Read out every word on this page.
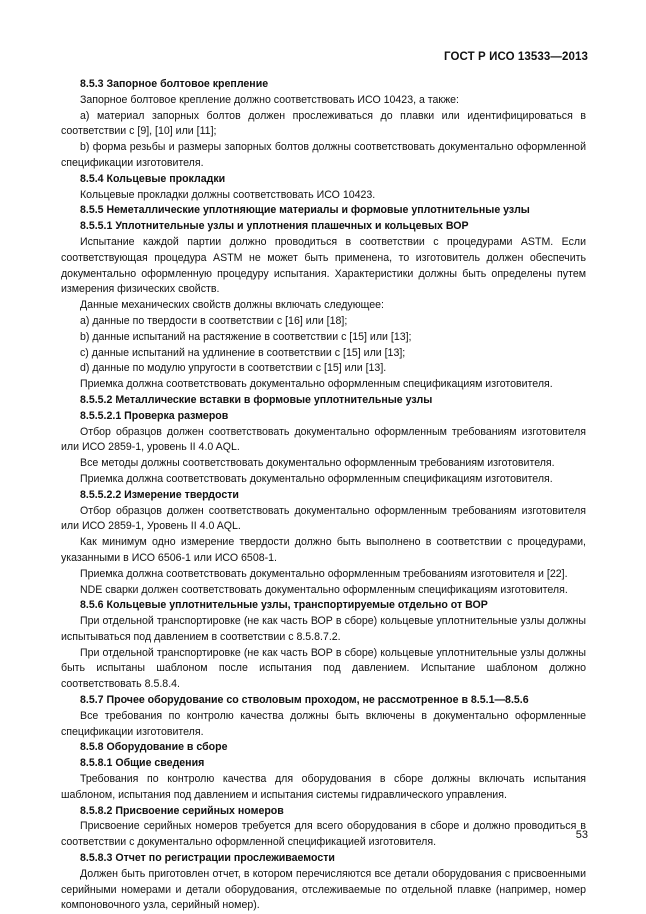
ГОСТ Р ИСО 13533—2013
8.5.3 Запорное болтовое крепление
Запорное болтовое крепление должно соответствовать ИСО 10423, а также:
а) материал запорных болтов должен прослеживаться до плавки или идентифицироваться в соответствии с [9], [10] или [11];
b) форма резьбы и размеры запорных болтов должны соответствовать документально оформленной спецификации изготовителя.
8.5.4 Кольцевые прокладки
Кольцевые прокладки должны соответствовать ИСО 10423.
8.5.5 Неметаллические уплотняющие материалы и формовые уплотнительные узлы
8.5.5.1 Уплотнительные узлы и уплотнения плашечных и кольцевых ВОР
Испытание каждой партии должно проводиться в соответствии с процедурами ASTM. Если соответствующая процедура ASTM не может быть применена, то изготовитель должен обеспечить документально оформленную процедуру испытания. Характеристики должны быть определены путем измерения физических свойств.
Данные механических свойств должны включать следующее:
а) данные по твердости в соответствии с [16] или [18];
b) данные испытаний на растяжение в соответствии с [15] или [13];
с) данные испытаний на удлинение в соответствии с [15] или [13];
d) данные по модулю упругости в соответствии с [15] или [13].
Приемка должна соответствовать документально оформленным спецификациям изготовителя.
8.5.5.2 Металлические вставки в формовые уплотнительные узлы
8.5.5.2.1 Проверка размеров
Отбор образцов должен соответствовать документально оформленным требованиям изготовителя или ИСО 2859-1, уровень II 4.0 AQL.
Все методы должны соответствовать документально оформленным требованиям изготовителя.
Приемка должна соответствовать документально оформленным спецификациям изготовителя.
8.5.5.2.2 Измерение твердости
Отбор образцов должен соответствовать документально оформленным требованиям изготовителя или ИСО 2859-1, Уровень II 4.0 AQL.
Как минимум одно измерение твердости должно быть выполнено в соответствии с процедурами, указанными в ИСО 6506-1 или ИСО 6508-1.
Приемка должна соответствовать документально оформленным требованиям изготовителя и [22].
NDE сварки должен соответствовать документально оформленным спецификациям изготовителя.
8.5.6 Кольцевые уплотнительные узлы, транспортируемые отдельно от ВОР
При отдельной транспортировке (не как часть ВОР в сборе) кольцевые уплотнительные узлы должны испытываться под давлением в соответствии с 8.5.8.7.2.
При отдельной транспортировке (не как часть ВОР в сборе) кольцевые уплотнительные узлы должны быть испытаны шаблоном после испытания под давлением. Испытание шаблоном должно соответствовать 8.5.8.4.
8.5.7 Прочее оборудование со стволовым проходом, не рассмотренное в 8.5.1—8.5.6
Все требования по контролю качества должны быть включены в документально оформленные спецификации изготовителя.
8.5.8 Оборудование в сборе
8.5.8.1 Общие сведения
Требования по контролю качества для оборудования в сборе должны включать испытания шаблоном, испытания под давлением и испытания системы гидравлического управления.
8.5.8.2 Присвоение серийных номеров
Присвоение серийных номеров требуется для всего оборудования в сборе и должно проводиться в соответствии с документально оформленной спецификацией изготовителя.
8.5.8.3 Отчет по регистрации прослеживаемости
Должен быть приготовлен отчет, в котором перечисляются все детали оборудования с присвоенными серийными номерами и детали оборудования, отслеживаемые по отдельной плавке (например, номер компоновочного узла, серийный номер).
53
